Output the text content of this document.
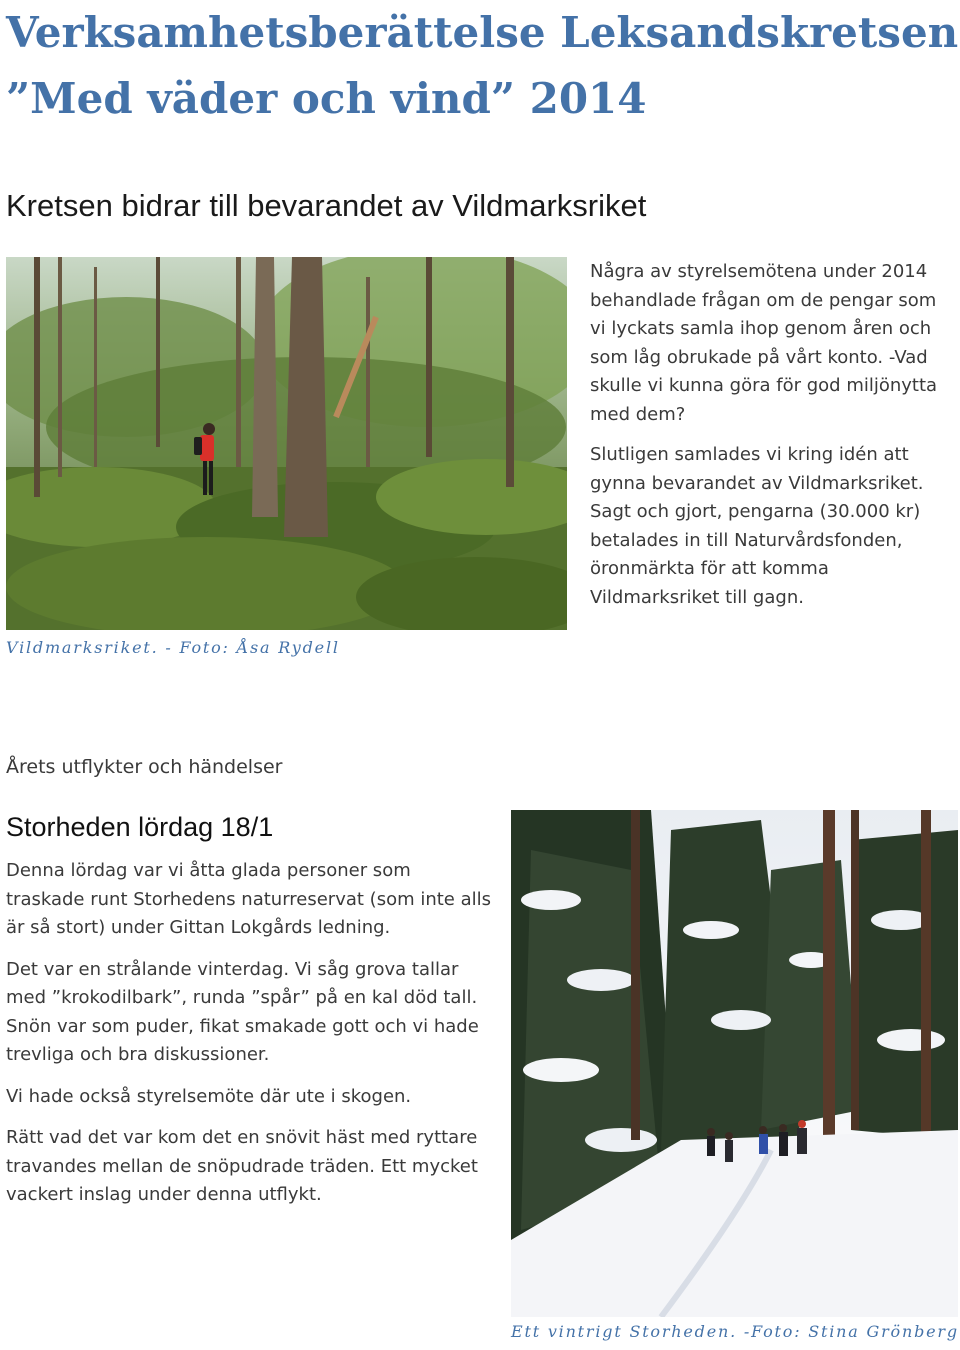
Verksamhetsberättelse Leksandskretsen
”Med väder och vind” 2014
Kretsen bidrar till bevarandet av Vildmarksriket

Några av styrelsemötena under 2014 behandlade frågan om de pengar som vi lyckats samla ihop genom åren och som låg obrukade på vårt konto. -Vad skulle vi kunna göra för god miljönytta med dem?

Slutligen samlades vi kring idén att gynna bevarandet av Vildmarksriket. Sagt och gjort, pengarna (30.000 kr) betalades in till Naturvårdsfonden, öronmärkta för att komma Vildmarksriket till gagn.

Vildmarksriket. - Foto: Åsa Rydell

Årets utflykter och händelser
Storheden lördag 18/1

Denna lördag var vi åtta glada personer som traskade runt Storhedens naturreservat (som inte alls är så stort) under Gittan Lokgårds ledning.

Det var en strålande vinterdag. Vi såg grova tallar med ”krokodilbark”, runda ”spår” på en kal död tall. Snön var som puder, fikat smakade gott och vi hade trevliga och bra diskussioner.

Vi hade också styrelsemöte där ute i skogen.

Rätt vad det var kom det en snövit häst med ryttare travandes mellan de snöpudrade träden. Ett mycket vackert inslag under denna utflykt.

Ett vintrigt Storheden. -Foto: Stina Grönberg
